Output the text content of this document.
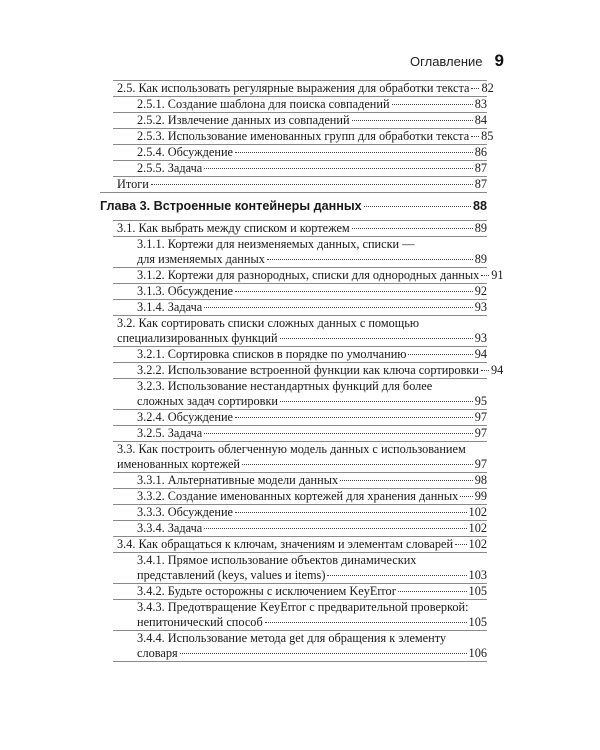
Оглавление 9
2.5. Как использовать регулярные выражения для обработки текста 82
2.5.1. Создание шаблона для поиска совпадений	83
2.5.2. Извлечение данных из совпадений	84
2.5.3. Использование именованных групп для обработки текста 85
2.5.4. Обсуждение	86
2.5.5. Задача	87
Итоги	87
Глава 3. Встроенные контейнеры данных	88
3.1. Как выбрать между списком и кортежем	89
3.1.1. Кортежи для неизменяемых данных, списки —
для изменяемых данных	89
3.1.2. Кортежи для разнородных, списки для однородных данных 91
3.1.3. Обсуждение	92
3.1.4. Задача	93
3.2. Как сортировать списки сложных данных с помощью
специализированных функций	93
3.2.1. Сортировка списков в порядке по умолчанию	94
3.2.2. Использование встроенной функции как ключа сортировки 94
3.2.3. Использование нестандартных функций для более
сложных задач сортировки	95
3.2.4. Обсуждение	97
3.2.5. Задача	97
3.3. Как построить облегченную модель данных с использованием
именованных кортежей	97
3.3.1. Альтернативные модели данных	98
3.3.2. Создание именованных кортежей для хранения данных 99
3.3.3. Обсуждение	102
3.3.4. Задача	102
3.4. Как обращаться к ключам, значениям и элементам словарей 102
3.4.1. Прямое использование объектов динамических
представлений (keys, values и items)	103
3.4.2. Будьте осторожны с исключением KeyError	105
3.4.3. Предотвращение KeyError с предварительной проверкой:
непитонический способ	105
3.4.4. Использование метода get для обращения к элементу
словаря	106
